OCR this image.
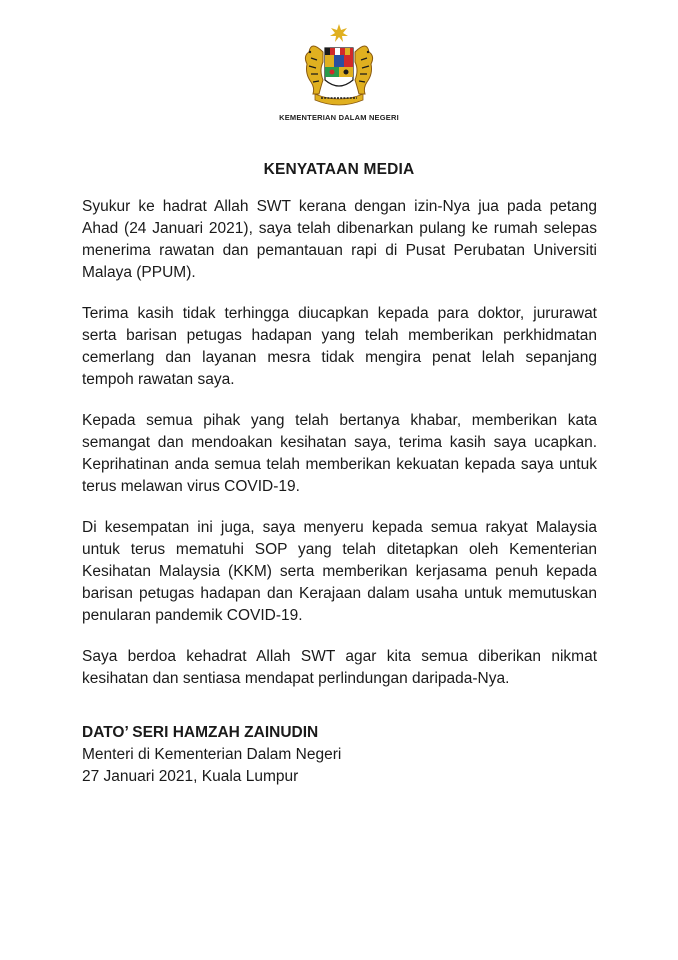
KEMENTERIAN DALAM NEGERI
KENYATAAN MEDIA

Syukur ke hadrat Allah SWT kerana dengan izin-Nya jua pada petang Ahad (24 Januari 2021), saya telah dibenarkan pulang ke rumah selepas menerima rawatan dan pemantauan rapi di Pusat Perubatan Universiti Malaya (PPUM).

Terima kasih tidak terhingga diucapkan kepada para doktor, jururawat serta barisan petugas hadapan yang telah memberikan perkhidmatan cemerlang dan layanan mesra tidak mengira penat lelah sepanjang tempoh rawatan saya.

Kepada semua pihak yang telah bertanya khabar, memberikan kata semangat dan mendoakan kesihatan saya, terima kasih saya ucapkan. Keprihatinan anda semua telah memberikan kekuatan kepada saya untuk terus melawan virus COVID-19.

Di kesempatan ini juga, saya menyeru kepada semua rakyat Malaysia untuk terus mematuhi SOP yang telah ditetapkan oleh Kementerian Kesihatan Malaysia (KKM) serta memberikan kerjasama penuh kepada barisan petugas hadapan dan Kerajaan dalam usaha untuk memutuskan penularan pandemik COVID-19.

Saya berdoa kehadrat Allah SWT agar kita semua diberikan nikmat kesihatan dan sentiasa mendapat perlindungan daripada-Nya.

DATO’ SERI HAMZAH ZAINUDIN
Menteri di Kementerian Dalam Negeri
27 Januari 2021, Kuala Lumpur
